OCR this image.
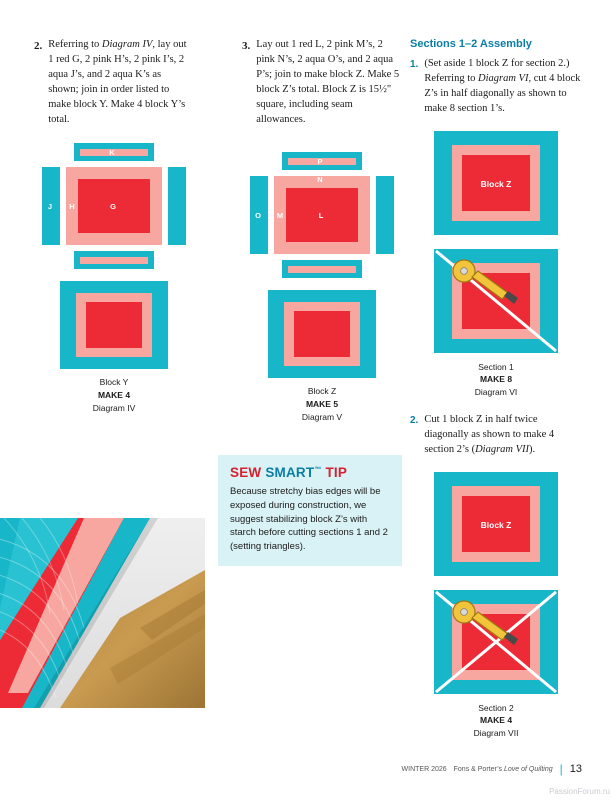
2. Referring to Diagram IV, lay out 1 red G, 2 pink H’s, 2 pink I’s, 2 aqua J’s, and 2 aqua K’s as shown; join in order listed to make block Y. Make 4 block Y’s total.
K
J H	G
Block Y
MAKE 4
Diagram IV
3. Lay out 1 red L, 2 pink M’s, 2 pink N’s, 2 aqua O’s, and 2 aqua P’s; join to make block Z. Make 5 block Z’s total. Block Z is 15½" square, including seam allowances.
P
N
O M	L
Block Z
MAKE 5
Diagram V
Sections 1–2 Assembly
1. (Set aside 1 block Z for section 2.) Referring to Diagram VI, cut 4 block Z’s in half diagonally as shown to make 8 section 1’s.
Block Z
Section 1
MAKE 8
Diagram VI
2. Cut 1 block Z in half twice diagonally as shown to make 4 section 2’s (Diagram VII).
Block Z
Section 2
MAKE 4
Diagram VII
SEW SMART™ TIP

Because stretchy bias edges will be exposed during construction, we suggest stabilizing block Z’s with starch before cutting sections 1 and 2 (setting triangles).

WINTER 2026 Fons & Porter’s Love of Quilting | 13
PassionForum.ru
